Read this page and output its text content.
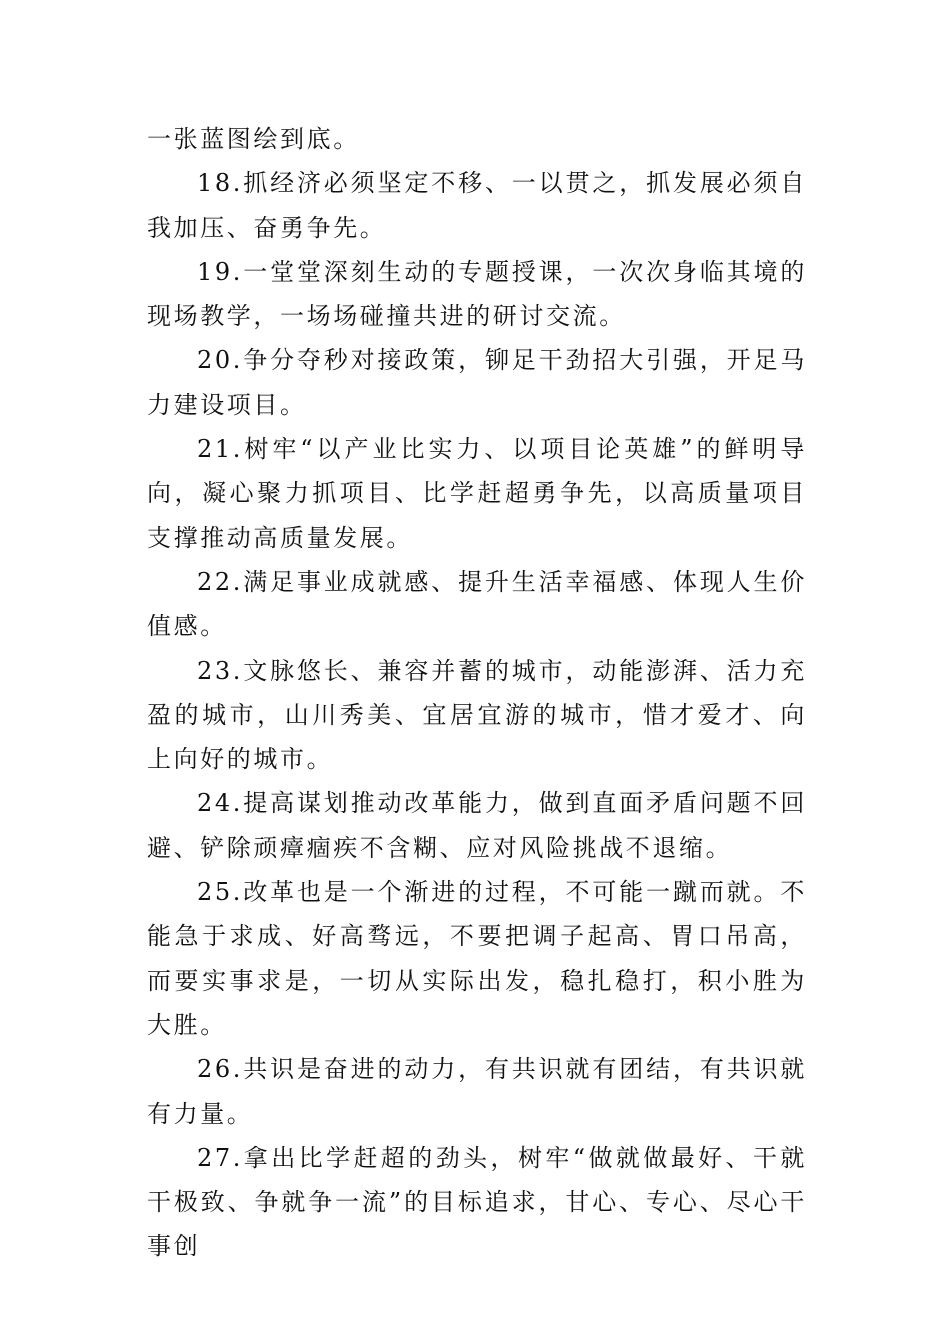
一张蓝图绘到底。

18.抓经济必须坚定不移、一以贯之，抓发展必须自我加压、奋勇争先。

19.一堂堂深刻生动的专题授课，一次次身临其境的现场教学，一场场碰撞共进的研讨交流。

20.争分夺秒对接政策，铆足干劲招大引强，开足马力建设项目。

21.树牢“以产业比实力、以项目论英雄”的鲜明导向，凝心聚力抓项目、比学赶超勇争先，以高质量项目支撑推动高质量发展。

22.满足事业成就感、提升生活幸福感、体现人生价值感。

23.文脉悠长、兼容并蓄的城市，动能澎湃、活力充盈的城市，山川秀美、宜居宜游的城市，惜才爱才、向上向好的城市。

24.提高谋划推动改革能力，做到直面矛盾问题不回避、铲除顽瘴痼疾不含糊、应对风险挑战不退缩。

25.改革也是一个渐进的过程，不可能一蹴而就。不能急于求成、好高骛远，不要把调子起高、胃口吊高，而要实事求是，一切从实际出发，稳扎稳打，积小胜为大胜。

26.共识是奋进的动力，有共识就有团结，有共识就有力量。

27.拿出比学赶超的劲头，树牢“做就做最好、干就干极致、争就争一流”的目标追求，甘心、专心、尽心干事创
